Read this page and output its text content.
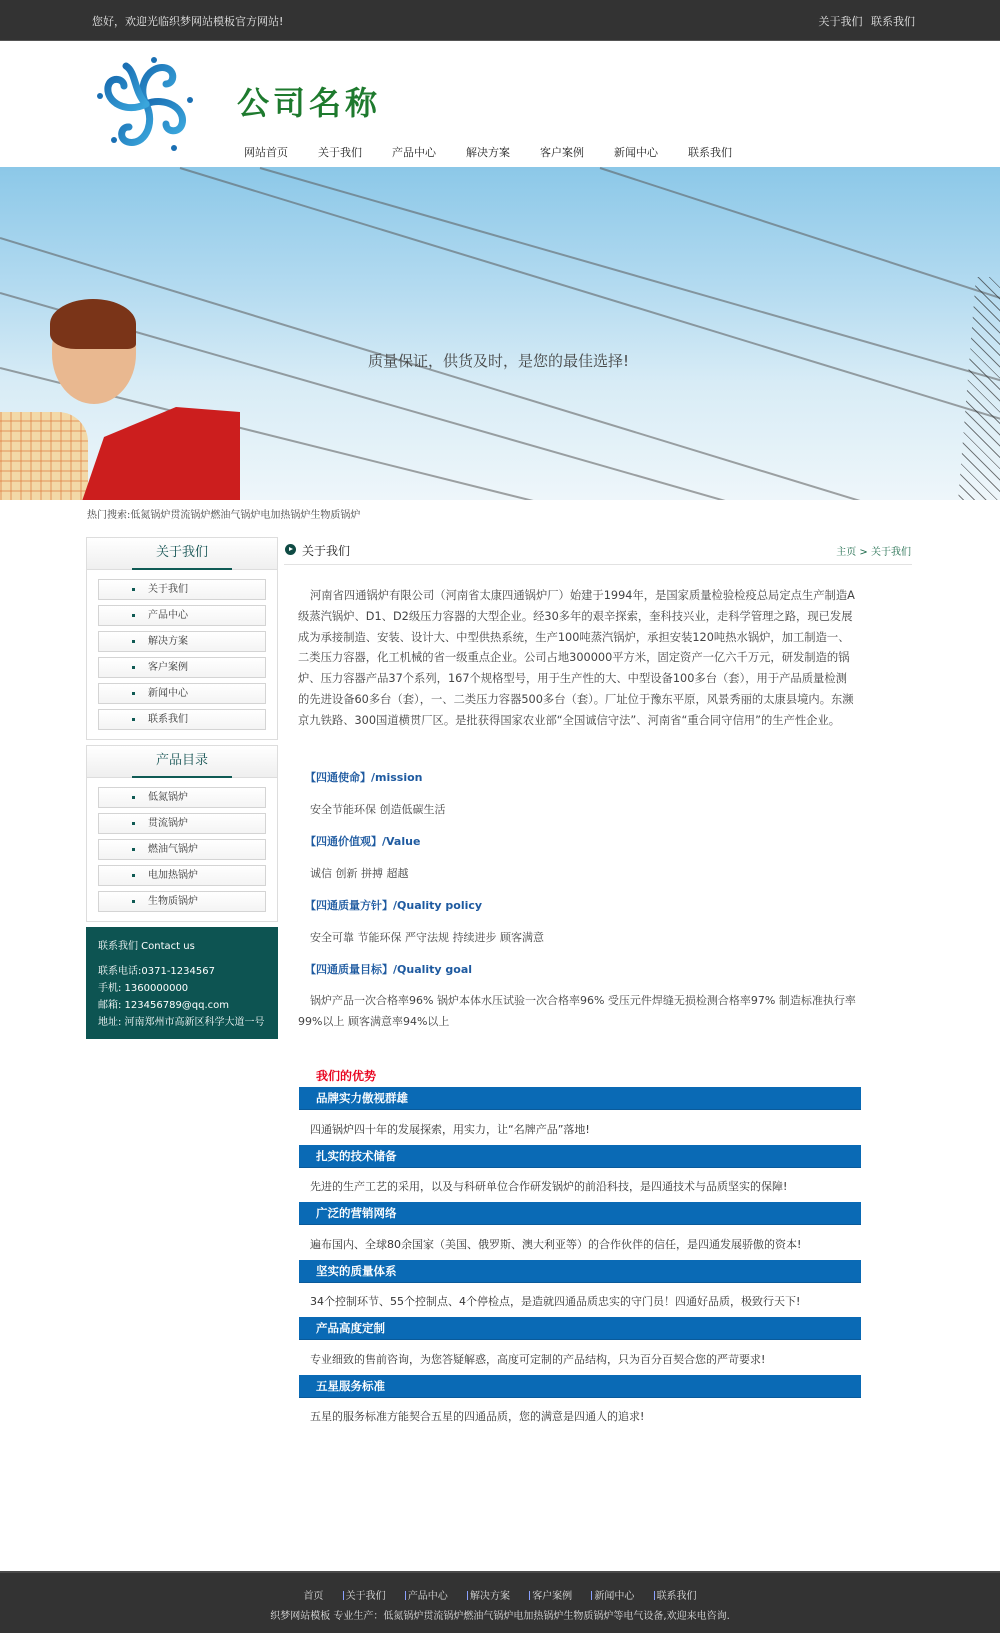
您好，欢迎光临织梦网站模板官方网站!	关于我们 联系我们
公司名称
网站首页	关于我们	产品中心	解决方案	客户案例	新闻中心	联系我们
质量保证，供货及时，是您的最佳选择!
热门搜索:低氮锅炉贯流锅炉燃油气锅炉电加热锅炉生物质锅炉
关于我们
关于我们
产品中心
解决方案
客户案例
新闻中心
联系我们
产品目录
低氮锅炉
贯流锅炉
燃油气锅炉
电加热锅炉
生物质锅炉
联系我们 Contact us
联系电话:0371-1234567
手机: 1360000000
邮箱: 123456789@qq.com
地址: 河南郑州市高新区科学大道一号
关于我们	主页 > 关于我们

河南省四通锅炉有限公司（河南省太康四通锅炉厂）始建于1994年，是国家质量检验检疫总局定点生产制造A级蒸汽锅炉、D1、D2级压力容器的大型企业。经30多年的艰辛探索，奎科技兴业，走科学管理之路，现已发展成为承接制造、安装、设计大、中型供热系统，生产100吨蒸汽锅炉，承担安装120吨热水锅炉，加工制造一、二类压力容器，化工机械的省一级重点企业。公司占地300000平方米，固定资产一亿六千万元，研发制造的锅炉、压力容器产品37个系列，167个规格型号，用于生产性的大、中型设备100多台（套），用于产品质量检测的先进设备60多台（套），一、二类压力容器500多台（套）。厂址位于豫东平原，风景秀丽的太康县境内。东濒京九铁路、300国道横贯厂区。是批获得国家农业部“全国诚信守法”、河南省“重合同守信用”的生产性企业。

【四通使命】/mission
安全节能环保 创造低碳生活
【四通价值观】/Value
诚信 创新 拼搏 超越
【四通质量方针】/Quality policy
安全可靠 节能环保 严守法规 持续进步 顾客满意
【四通质量目标】/Quality goal

锅炉产品一次合格率96% 锅炉本体水压试验一次合格率96% 受压元件焊缝无损检测合格率97% 制造标准执行率99%以上 顾客满意率94%以上

我们的优势
品牌实力傲视群雄
四通锅炉四十年的发展探索，用实力，让“名牌产品”落地!
扎实的技术储备
先进的生产工艺的采用，以及与科研单位合作研发锅炉的前沿科技，是四通技术与品质坚实的保障!
广泛的营销网络
遍布国内、全球80余国家（美国、俄罗斯、澳大利亚等）的合作伙伴的信任，是四通发展骄傲的资本!
坚实的质量体系
34个控制环节、55个控制点、4个停检点，是造就四通品质忠实的守门员！四通好品质，极致行天下!
产品高度定制
专业细致的售前咨询，为您答疑解惑，高度可定制的产品结构，只为百分百契合您的严苛要求!
五星服务标准
五星的服务标准方能契合五星的四通品质，您的满意是四通人的追求!
首页 关于我们 产品中心 解决方案 客户案例 新闻中心 联系我们
织梦网站模板 专业生产：低氮锅炉贯流锅炉燃油气锅炉电加热锅炉生物质锅炉等电气设备,欢迎来电咨询.
